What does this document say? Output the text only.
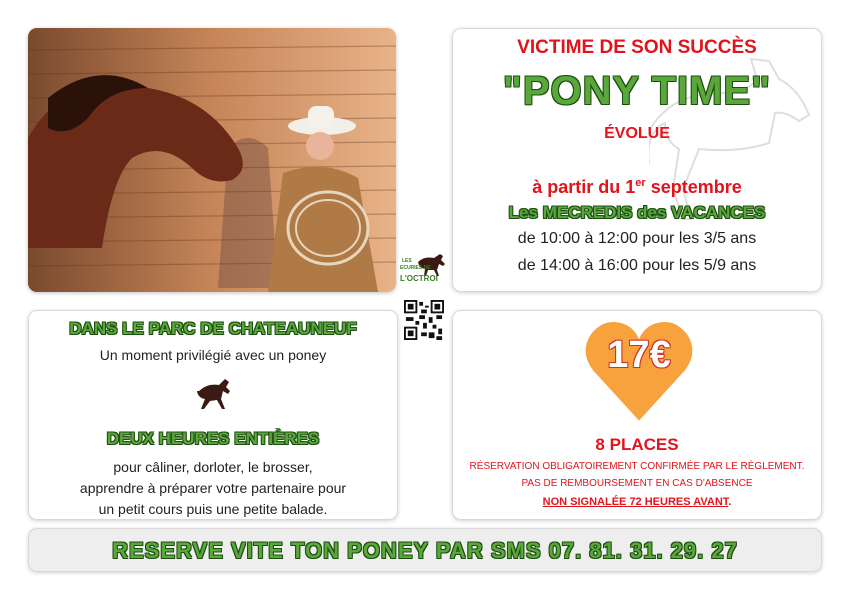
VICTIME DE SON SUCCÈS
"PONY TIME"
ÉVOLUE
à partir du 1er septembre
Les MECREDIS des VACANCES
de 10:00 à 12:00 pour les 3/5 ans
de 14:00 à 16:00 pour les 5/9 ans
LES
ECURIES DE
L'OCTROI
DANS LE PARC DE CHATEAUNEUF
Un moment privilégié avec un poney
DEUX HEURES ENTIÈRES
pour câliner, dorloter, le brosser,
apprendre à préparer votre partenaire pour
un petit cours puis une petite balade.
8 PLACES
RÉSERVATION OBLIGATOIREMENT CONFIRMÉE PAR LE RÈGLEMENT.
PAS DE REMBOURSEMENT EN CAS D'ABSENCE
NON SIGNALÉE 72 HEURES AVANT.
17€
RESERVE VITE TON PONEY PAR SMS 07. 81. 31. 29. 27
